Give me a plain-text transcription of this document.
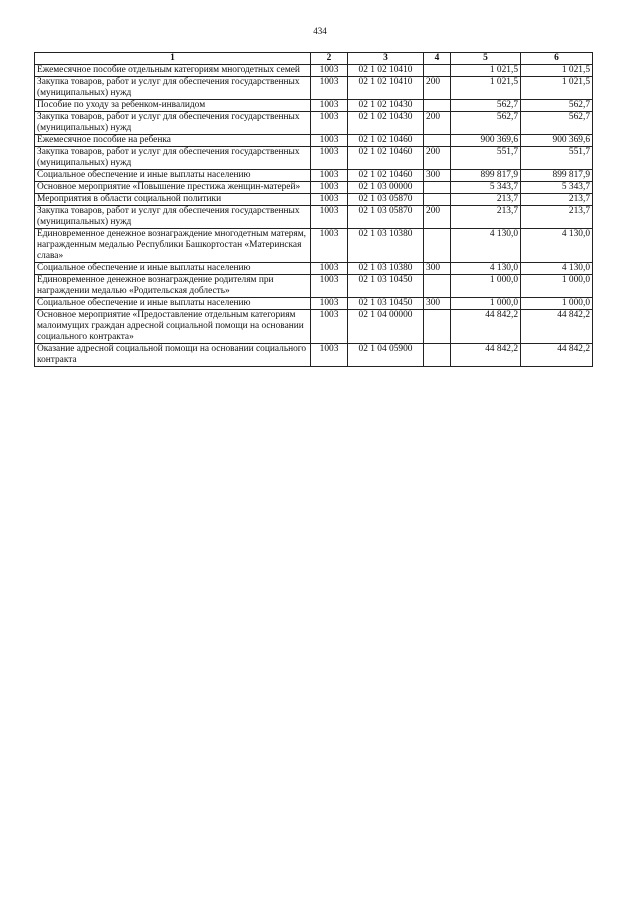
434
1	2	3	4	5	6
Ежемесячное пособие отдельным категориям многодетных семей	1003	02 1 02 10410		1 021,5	1 021,5
Закупка товаров, работ и услуг для обеспечения государственных (муниципальных) нужд	1003	02 1 02 10410	200	1 021,5	1 021,5
Пособие по уходу за ребенком-инвалидом	1003	02 1 02 10430		562,7	562,7
Закупка товаров, работ и услуг для обеспечения государственных (муниципальных) нужд	1003	02 1 02 10430	200	562,7	562,7
Ежемесячное пособие на ребенка	1003	02 1 02 10460		900 369,6	900 369,6
Закупка товаров, работ и услуг для обеспечения государственных (муниципальных) нужд	1003	02 1 02 10460	200	551,7	551,7
Социальное обеспечение и иные выплаты населению	1003	02 1 02 10460	300	899 817,9	899 817,9
Основное мероприятие «Повышение престижа женщин-матерей»	1003	02 1 03 00000		5 343,7	5 343,7
Мероприятия в области социальной политики	1003	02 1 03 05870		213,7	213,7
Закупка товаров, работ и услуг для обеспечения государственных (муниципальных) нужд	1003	02 1 03 05870	200	213,7	213,7
Единовременное денежное вознаграждение многодетным матерям, награжденным медалью Республики Башкортостан «Материнская слава»	1003	02 1 03 10380		4 130,0	4 130,0
Социальное обеспечение и иные выплаты населению	1003	02 1 03 10380	300	4 130,0	4 130,0
Единовременное денежное вознаграждение родителям при награждении медалью «Родительская доблесть»	1003	02 1 03 10450		1 000,0	1 000,0
Социальное обеспечение и иные выплаты населению	1003	02 1 03 10450	300	1 000,0	1 000,0
Основное мероприятие «Предоставление отдельным категориям малоимущих граждан адресной социальной помощи на основании социального контракта»	1003	02 1 04 00000		44 842,2	44 842,2
Оказание адресной социальной помощи на основании социального контракта	1003	02 1 04 05900		44 842,2	44 842,2
